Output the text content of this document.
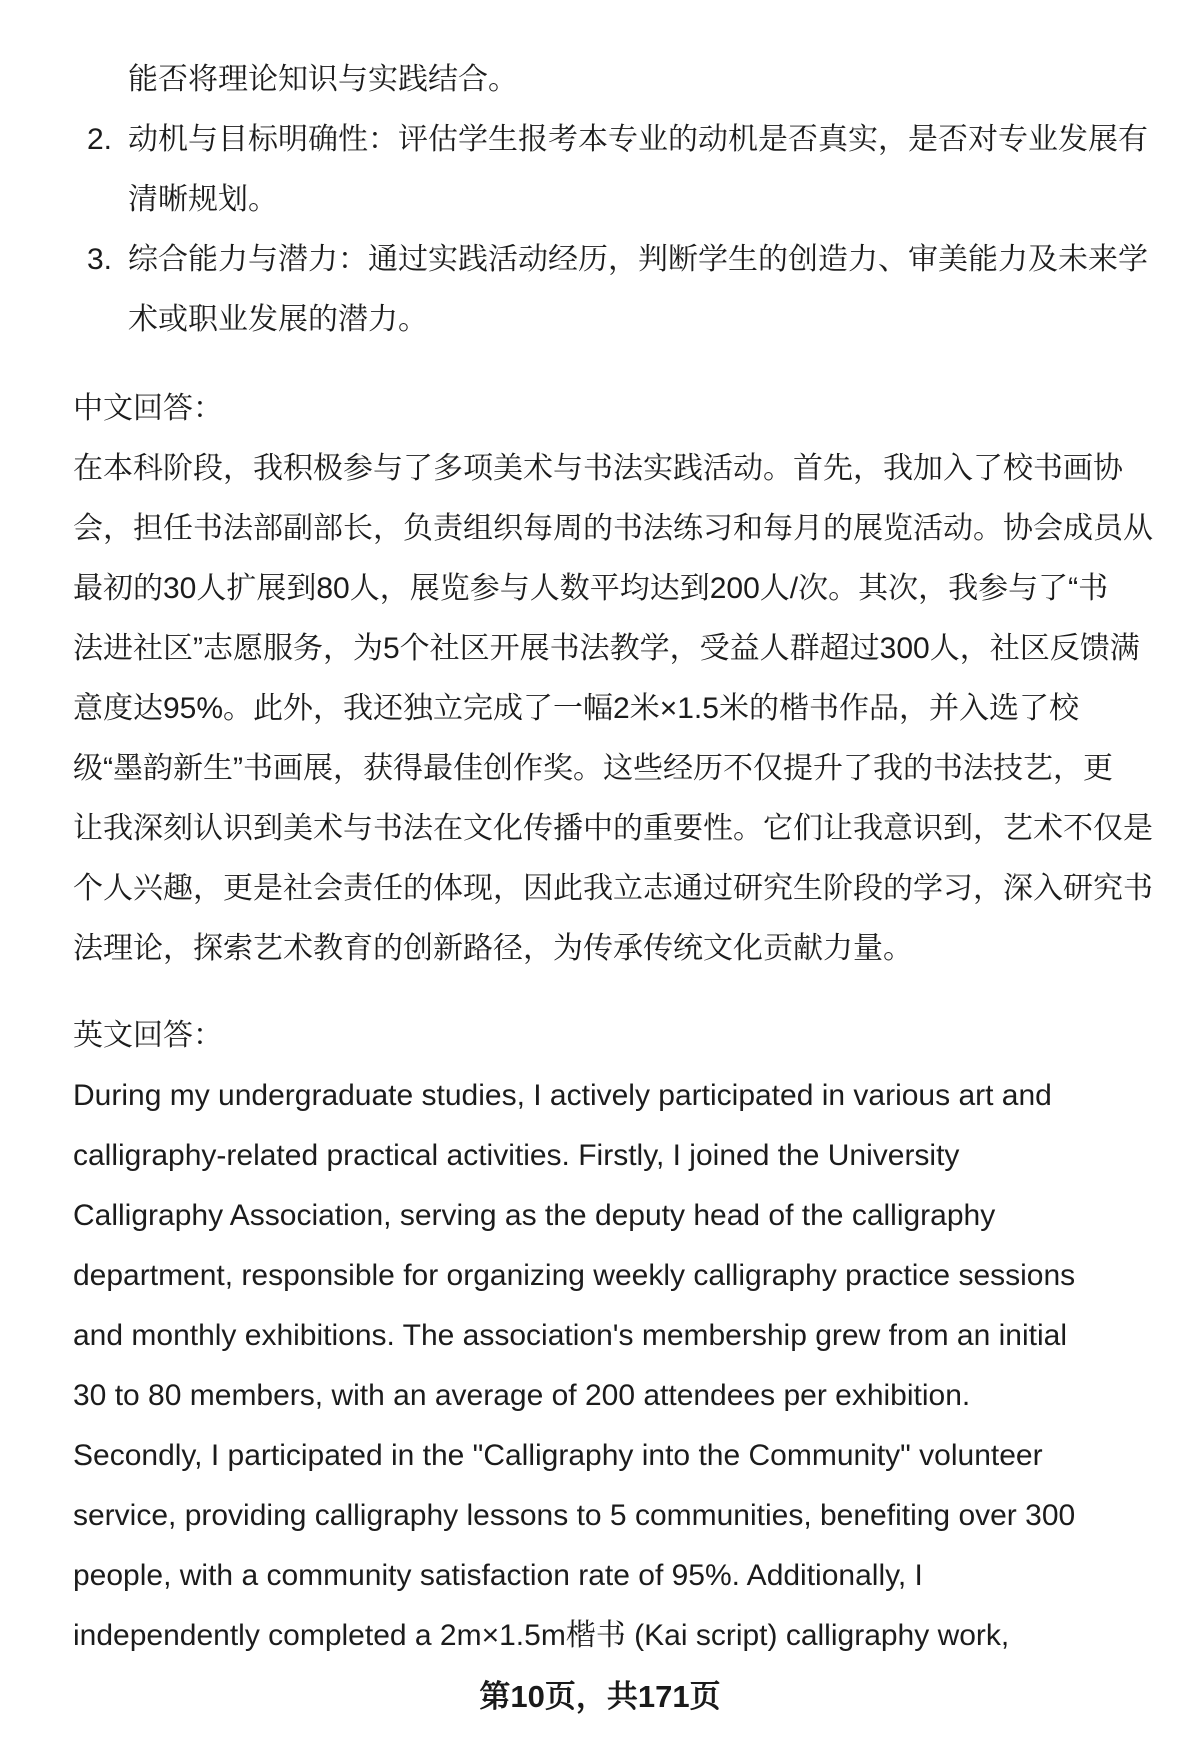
能否将理论知识与实践结合。
2. 动机与目标明确性：评估学生报考本专业的动机是否真实，是否对专业发展有
清晰规划。
3. 综合能力与潜力：通过实践活动经历，判断学生的创造力、审美能力及未来学
术或职业发展的潜力。
中文回答：
在本科阶段，我积极参与了多项美术与书法实践活动。首先，我加入了校书画协
会，担任书法部副部长，负责组织每周的书法练习和每月的展览活动。协会成员从
最初的30人扩展到80人，展览参与人数平均达到200人/次。其次，我参与了“书
法进社区”志愿服务，为5个社区开展书法教学，受益人群超过300人，社区反馈满
意度达95%。此外，我还独立完成了一幅2米×1.5米的楷书作品，并入选了校
级“墨韵新生”书画展，获得最佳创作奖。这些经历不仅提升了我的书法技艺，更
让我深刻认识到美术与书法在文化传播中的重要性。它们让我意识到，艺术不仅是
个人兴趣，更是社会责任的体现，因此我立志通过研究生阶段的学习，深入研究书
法理论，探索艺术教育的创新路径，为传承传统文化贡献力量。
英文回答：
During my undergraduate studies, I actively participated in various art and
calligraphy-related practical activities. Firstly, I joined the University
Calligraphy Association, serving as the deputy head of the calligraphy
department, responsible for organizing weekly calligraphy practice sessions
and monthly exhibitions. The association's membership grew from an initial
30 to 80 members, with an average of 200 attendees per exhibition.
Secondly, I participated in the "Calligraphy into the Community" volunteer
service, providing calligraphy lessons to 5 communities, benefiting over 300
people, with a community satisfaction rate of 95%. Additionally, I
independently completed a 2m×1.5m楷书 (Kai script) calligraphy work,
第10页，共171页
